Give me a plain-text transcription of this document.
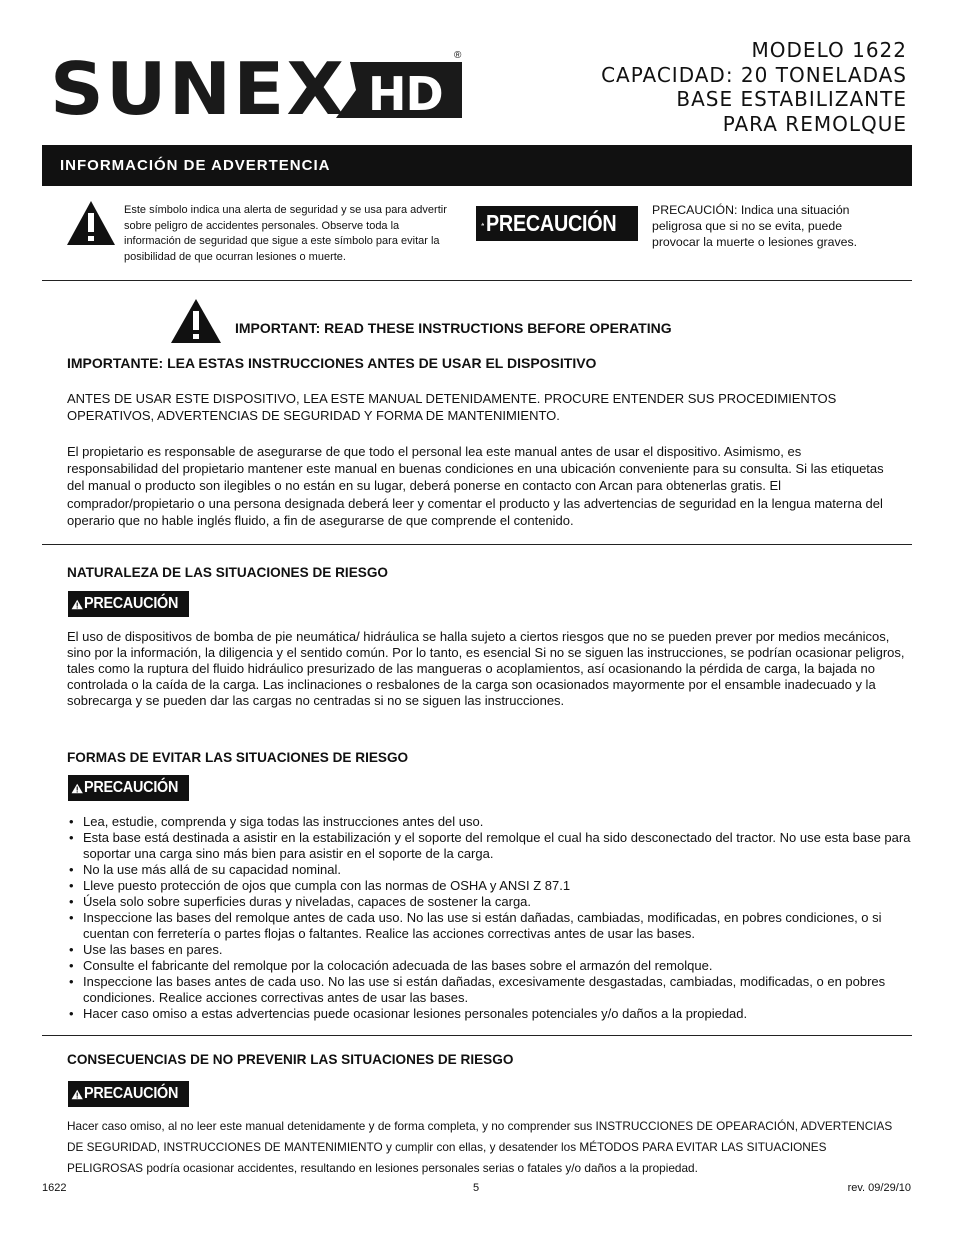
SUNEX HD
®	MODELO 1622
CAPACIDAD: 20 TONELADAS
BASE ESTABILIZANTE
PARA REMOLQUE
INFORMACIÓN DE ADVERTENCIA
Este símbolo indica una alerta de seguridad y se usa para advertir sobre peligro de accidentes personales. Observe toda la información de seguridad que sigue a este símbolo para evitar la posibilidad de que ocurran lesiones o muerte.
PRECAUCIÓN	PRECAUCIÓN: Indica una situación peligrosa que si no se evita, puede provocar la muerte o lesiones graves.
IMPORTANT: READ THESE INSTRUCTIONS BEFORE OPERATING
IMPORTANTE: LEA ESTAS INSTRUCCIONES ANTES DE USAR EL DISPOSITIVO
ANTES DE USAR ESTE DISPOSITIVO, LEA ESTE MANUAL DETENIDAMENTE. PROCURE ENTENDER SUS PROCEDIMIENTOS OPERATIVOS, ADVERTENCIAS DE SEGURIDAD Y FORMA DE MANTENIMIENTO.
El propietario es responsable de asegurarse de que todo el personal lea este manual antes de usar el dispositivo. Asimismo, es responsabilidad del propietario mantener este manual en buenas condiciones en una ubicación conveniente para su consulta. Si las etiquetas del manual o producto son ilegibles o no están en su lugar, deberá ponerse en contacto con Arcan para obtenerlas gratis. El comprador/propietario o una persona designada deberá leer y comentar el producto y las advertencias de seguridad en la lengua materna del operario que no hable inglés fluido, a fin de asegurarse de que comprende el contenido.
NATURALEZA DE LAS SITUACIONES DE RIESGO
PRECAUCIÓN
El uso de dispositivos de bomba de pie neumática/ hidráulica se halla sujeto a ciertos riesgos que no se pueden prever por medios mecánicos, sino por la información, la diligencia y el sentido común. Por lo tanto, es esencial Si no se siguen las instrucciones, se podrían ocasionar peligros, tales como la ruptura del fluido hidráulico presurizado de las mangueras o acoplamientos, así ocasionando la pérdida de carga, la bajada no controlada o la caída de la carga. Las inclinaciones o resbalones de la carga son ocasionados mayormente por el ensamble inadecuado y la sobrecarga y se pueden dar las cargas no centradas si no se siguen las instrucciones.
FORMAS DE EVITAR LAS SITUACIONES DE RIESGO
PRECAUCIÓN
• Lea, estudie, comprenda y siga todas las instrucciones antes del uso.
• Esta base está destinada a asistir en la estabilización y el soporte del remolque el cual ha sido desconectado del tractor. No use esta base para soportar una carga sino más bien para asistir en el soporte de la carga.
• No la use más allá de su capacidad nominal.
• Lleve puesto protección de ojos que cumpla con las normas de OSHA y ANSI Z 87.1
• Úsela solo sobre superficies duras y niveladas, capaces de sostener la carga.
• Inspeccione las bases del remolque antes de cada uso. No las use si están dañadas, cambiadas, modificadas, en pobres condiciones, o si cuentan con ferretería o partes flojas o faltantes. Realice las acciones correctivas antes de usar las bases.
• Use las bases en pares.
• Consulte el fabricante del remolque por la colocación adecuada de las bases sobre el armazón del remolque.
• Inspeccione las bases antes de cada uso. No las use si están dañadas, excesivamente desgastadas, cambiadas, modificadas, o en pobres condiciones. Realice acciones correctivas antes de usar las bases.
• Hacer caso omiso a estas advertencias puede ocasionar lesiones personales potenciales y/o daños a la propiedad.
CONSECUENCIAS DE NO PREVENIR LAS SITUACIONES DE RIESGO
PRECAUCIÓN
Hacer caso omiso, al no leer este manual detenidamente y de forma completa, y no comprender sus INSTRUCCIONES DE OPEARACIÓN, ADVERTENCIAS DE SEGURIDAD, INSTRUCCIONES DE MANTENIMIENTO y cumplir con ellas, y desatender los MÉTODOS PARA EVITAR LAS SITUACIONES PELIGROSAS podría ocasionar accidentes, resultando en lesiones personales serias o fatales y/o daños a la propiedad.
1622	5	rev. 09/29/10
